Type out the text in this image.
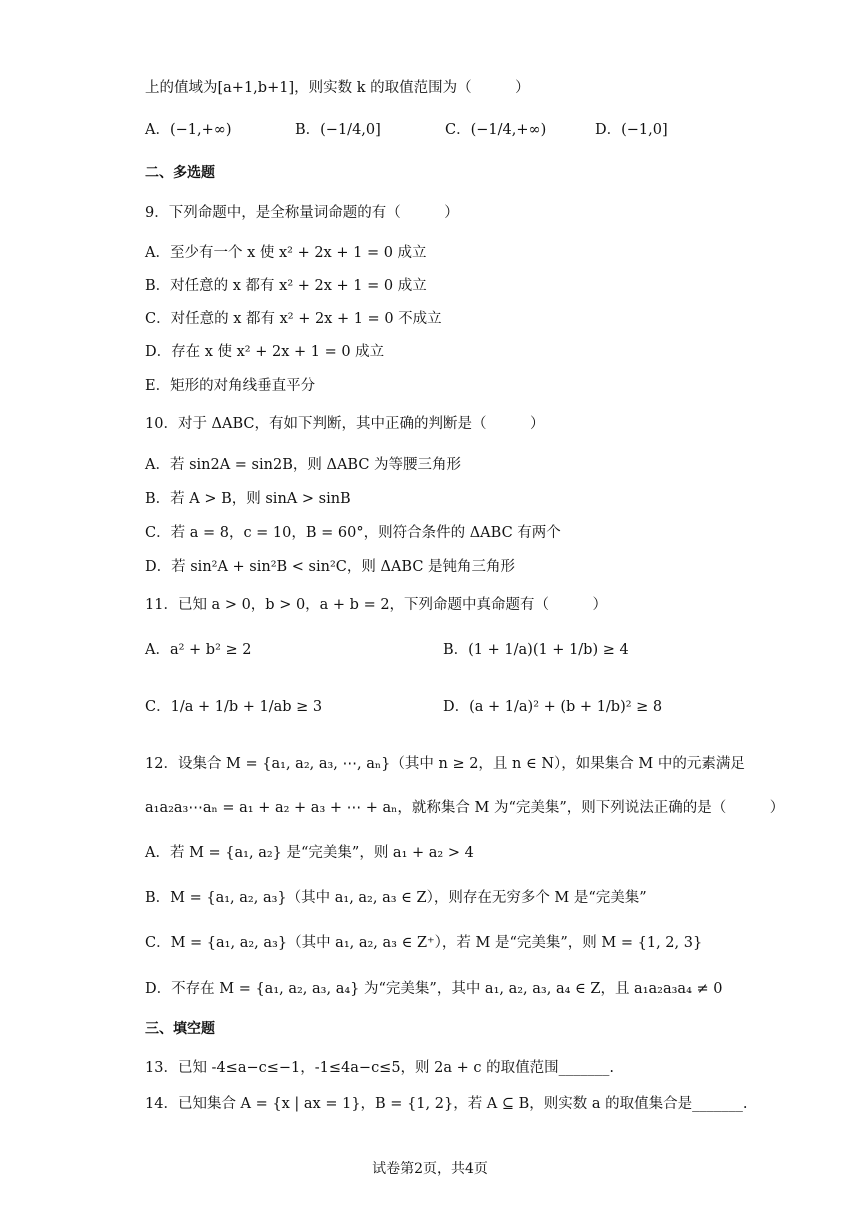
上的值域为[a+1,b+1]，则实数 k 的取值范围为（　　　）
A．(−1,+∞)	B．(−1/4,0]	C．(−1/4,+∞)	D．(−1,0]
二、多选题
9．下列命题中，是全称量词命题的有（　　　）
A．至少有一个 x 使 x² + 2x + 1 = 0 成立
B．对任意的 x 都有 x² + 2x + 1 = 0 成立
C．对任意的 x 都有 x² + 2x + 1 = 0 不成立
D．存在 x 使 x² + 2x + 1 = 0 成立
E．矩形的对角线垂直平分
10．对于 ΔABC，有如下判断，其中正确的判断是（　　　）
A．若 sin2A = sin2B，则 ΔABC 为等腰三角形
B．若 A > B，则 sinA > sinB
C．若 a = 8，c = 10，B = 60°，则符合条件的 ΔABC 有两个
D．若 sin²A + sin²B < sin²C，则 ΔABC 是钝角三角形
11．已知 a > 0，b > 0，a + b = 2，下列命题中真命题有（　　　）
A．a² + b² ≥ 2	B．(1 + 1/a)(1 + 1/b) ≥ 4
C．1/a + 1/b + 1/ab ≥ 3	D．(a + 1/a)² + (b + 1/b)² ≥ 8
12．设集合 M = {a₁, a₂, a₃, ⋯, aₙ}（其中 n ≥ 2，且 n ∈ N），如果集合 M 中的元素满足
a₁a₂a₃⋯aₙ = a₁ + a₂ + a₃ + ⋯ + aₙ，就称集合 M 为“完美集”，则下列说法正确的是（　　　）
A．若 M = {a₁, a₂} 是“完美集”，则 a₁ + a₂ > 4
B．M = {a₁, a₂, a₃}（其中 a₁, a₂, a₃ ∈ Z），则存在无穷多个 M 是“完美集”
C．M = {a₁, a₂, a₃}（其中 a₁, a₂, a₃ ∈ Z⁺），若 M 是“完美集”，则 M = {1, 2, 3}
D．不存在 M = {a₁, a₂, a₃, a₄} 为“完美集”，其中 a₁, a₂, a₃, a₄ ∈ Z，且 a₁a₂a₃a₄ ≠ 0
三、填空题
13．已知 -4≤a−c≤−1，-1≤4a−c≤5，则 2a + c 的取值范围_______.
14．已知集合 A = {x | ax = 1}，B = {1, 2}，若 A ⊆ B，则实数 a 的取值集合是_______.
试卷第2页，共4页
